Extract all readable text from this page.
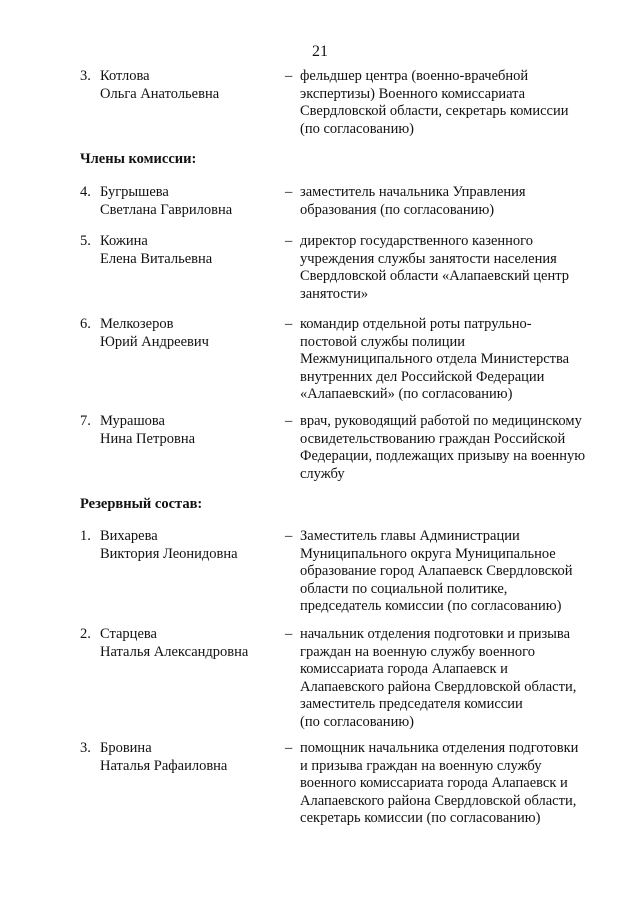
21
3. Котлова
Ольга Анатольевна
– фельдшер центра (военно-врачебной
экспертизы) Военного комиссариата
Свердловской области, секретарь комиссии
(по согласованию)
Члены комиссии:
4. Бугрышева
Светлана Гавриловна
– заместитель начальника Управления
образования (по согласованию)
5. Кожина
Елена Витальевна
– директор государственного казенного
учреждения службы занятости населения
Свердловской области «Алапаевский центр
занятости»
6. Мелкозеров
Юрий Андреевич
– командир отдельной роты патрульно-
постовой службы полиции
Межмуниципального отдела Министерства
внутренних дел Российской Федерации
«Алапаевский» (по согласованию)
7. Мурашова
Нина Петровна
– врач, руководящий работой по медицинскому
освидетельствованию граждан Российской
Федерации, подлежащих призыву на военную
службу
Резервный состав:
1. Вихарева
Виктория Леонидовна
– Заместитель главы Администрации
Муниципального округа Муниципальное
образование город Алапаевск Свердловской
области по социальной политике,
председатель комиссии (по согласованию)
2. Старцева
Наталья Александровна
– начальник отделения подготовки и призыва
граждан на военную службу военного
комиссариата города Алапаевск и
Алапаевского района Свердловской области,
заместитель председателя комиссии
(по согласованию)
3. Бровина
Наталья Рафаиловна
– помощник начальника отделения подготовки
и призыва граждан на военную службу
военного комиссариата города Алапаевск и
Алапаевского района Свердловской области,
секретарь комиссии (по согласованию)
